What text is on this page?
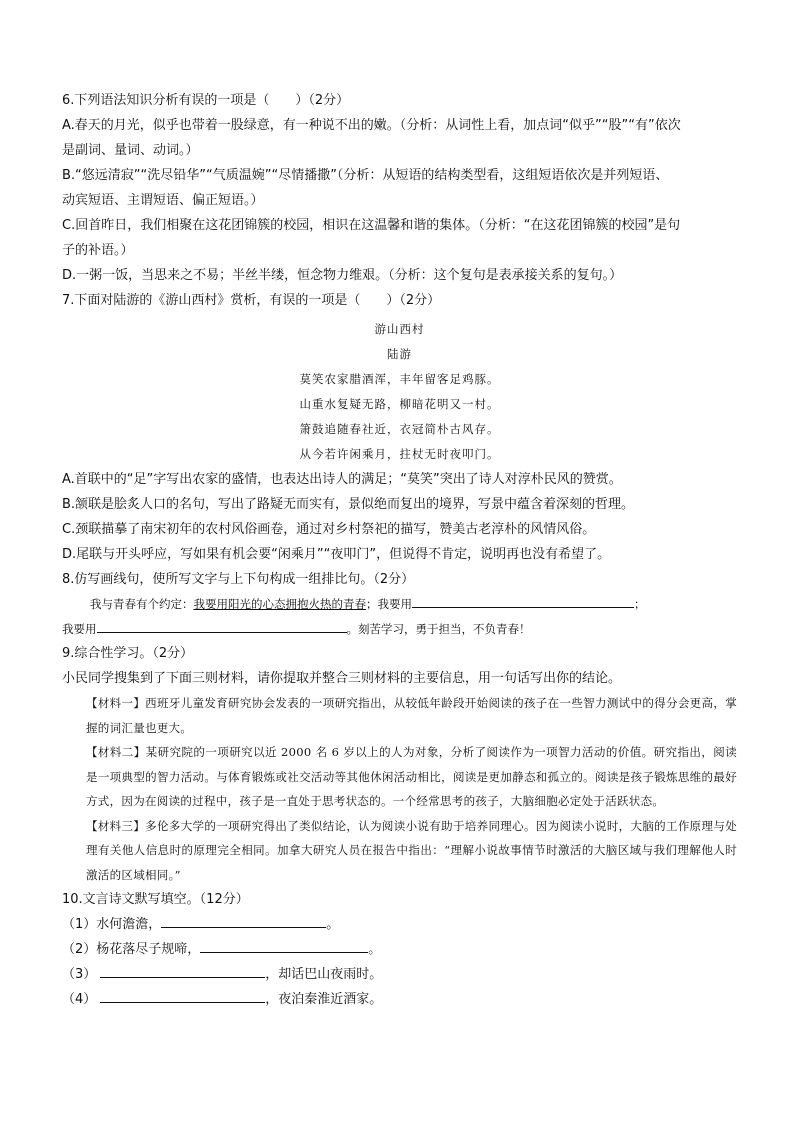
6.下列语法知识分析有误的一项是（　　）（2分）
A.春天的月光，似乎也带着一股绿意，有一种说不出的嫩。（分析：从词性上看，加点词“似乎”“股”“有”依次
是副词、量词、动词。）
B.“悠远清寂”“洗尽铅华”“气质温婉”“尽情播撒”（分析：从短语的结构类型看，这组短语依次是并列短语、
动宾短语、主谓短语、偏正短语。）
C.回首昨日，我们相聚在这花团锦簇的校园，相识在这温馨和谐的集体。（分析：“在这花团锦簇的校园”是句
子的补语。）
D.一粥一饭，当思来之不易；半丝半缕，恒念物力维艰。（分析：这个复句是表承接关系的复句。）
7.下面对陆游的《游山西村》赏析，有误的一项是（　　）（2分）
游山西村
陆游
莫笑农家腊酒浑，丰年留客足鸡豚。
山重水复疑无路，柳暗花明又一村。
箫鼓追随春社近，衣冠简朴古风存。
从今若许闲乘月，拄杖无时夜叩门。
A.首联中的“足”字写出农家的盛情，也表达出诗人的满足；“莫笑”突出了诗人对淳朴民风的赞赏。
B.颔联是脍炙人口的名句，写出了路疑无而实有，景似绝而复出的境界，写景中蕴含着深刻的哲理。
C.颈联描摹了南宋初年的农村风俗画卷，通过对乡村祭祀的描写，赞美古老淳朴的风情风俗。
D.尾联与开头呼应，写如果有机会要“闲乘月”“夜叩门”，但说得不肯定，说明再也没有希望了。
8.仿写画线句，使所写文字与上下句构成一组排比句。（2分）
我与青春有个约定：我要用阳光的心态拥抱火热的青春；我要用	；
我要用	。刻苦学习，勇于担当，不负青春！
9.综合性学习。（2分）
小民同学搜集到了下面三则材料，请你提取并整合三则材料的主要信息，用一句话写出你的结论。
【材料一】西班牙儿童发育研究协会发表的一项研究指出，从较低年龄段开始阅读的孩子在一些智力测试中的得分会更高，掌握的词汇量也更大。
【材料二】某研究院的一项研究以近 2000 名 6 岁以上的人为对象，分析了阅读作为一项智力活动的价值。研究指出，阅读是一项典型的智力活动。与体育锻炼或社交活动等其他休闲活动相比，阅读是更加静态和孤立的。阅读是孩子锻炼思维的最好方式，因为在阅读的过程中，孩子是一直处于思考状态的。一个经常思考的孩子，大脑细胞必定处于活跃状态。
【材料三】多伦多大学的一项研究得出了类似结论，认为阅读小说有助于培养同理心。因为阅读小说时，大脑的工作原理与处理有关他人信息时的原理完全相同。加拿大研究人员在报告中指出：“理解小说故事情节时激活的大脑区域与我们理解他人时激活的区域相同。”
10.文言诗文默写填空。（12分）
（1）水何澹澹，	。
（2）杨花落尽子规啼，	。
（3）	，却话巴山夜雨时。
（4）	，夜泊秦淮近酒家。
